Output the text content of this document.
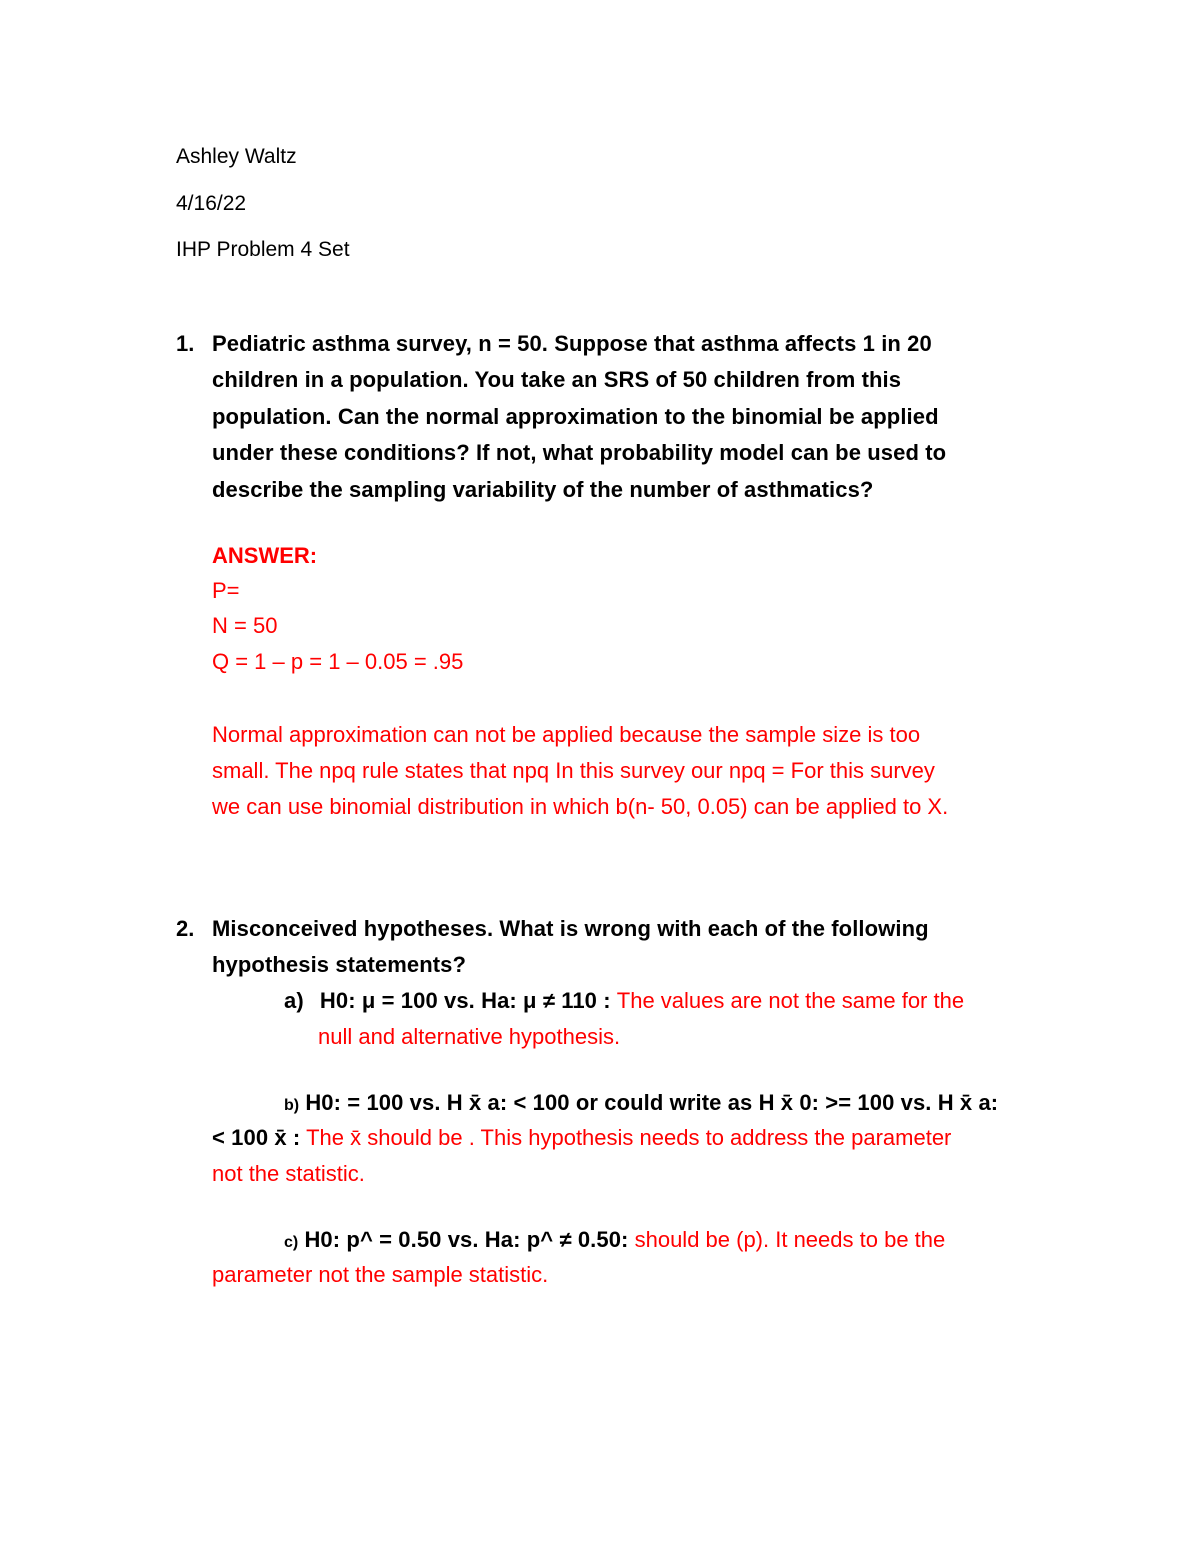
Ashley Waltz
4/16/22
IHP Problem 4 Set
1. Pediatric asthma survey, n = 50. Suppose that asthma affects 1 in 20
children in a population. You take an SRS of 50 children from this
population. Can the normal approximation to the binomial be applied
under these conditions? If not, what probability model can be used to
describe the sampling variability of the number of asthmatics?
ANSWER:
P=
N = 50
Q = 1 – p = 1 – 0.05 = .95
Normal approximation can not be applied because the sample size is too
small. The npq rule states that npq In this survey our npq = For this survey
we can use binomial distribution in which b(n- 50, 0.05) can be applied to X.
2. Misconceived hypotheses. What is wrong with each of the following
hypothesis statements?
a) H0: μ = 100 vs. Ha: μ ≠ 110 : The values are not the same for the
null and alternative hypothesis.
b) H0: = 100 vs. H x̄ a: < 100 or could write as H x̄ 0: >= 100 vs. H x̄ a:
< 100 x̄ : The x̄ should be . This hypothesis needs to address the parameter
not the statistic.
c) H0: p^ = 0.50 vs. Ha: p^ ≠ 0.50: should be (p). It needs to be the
parameter not the sample statistic.
